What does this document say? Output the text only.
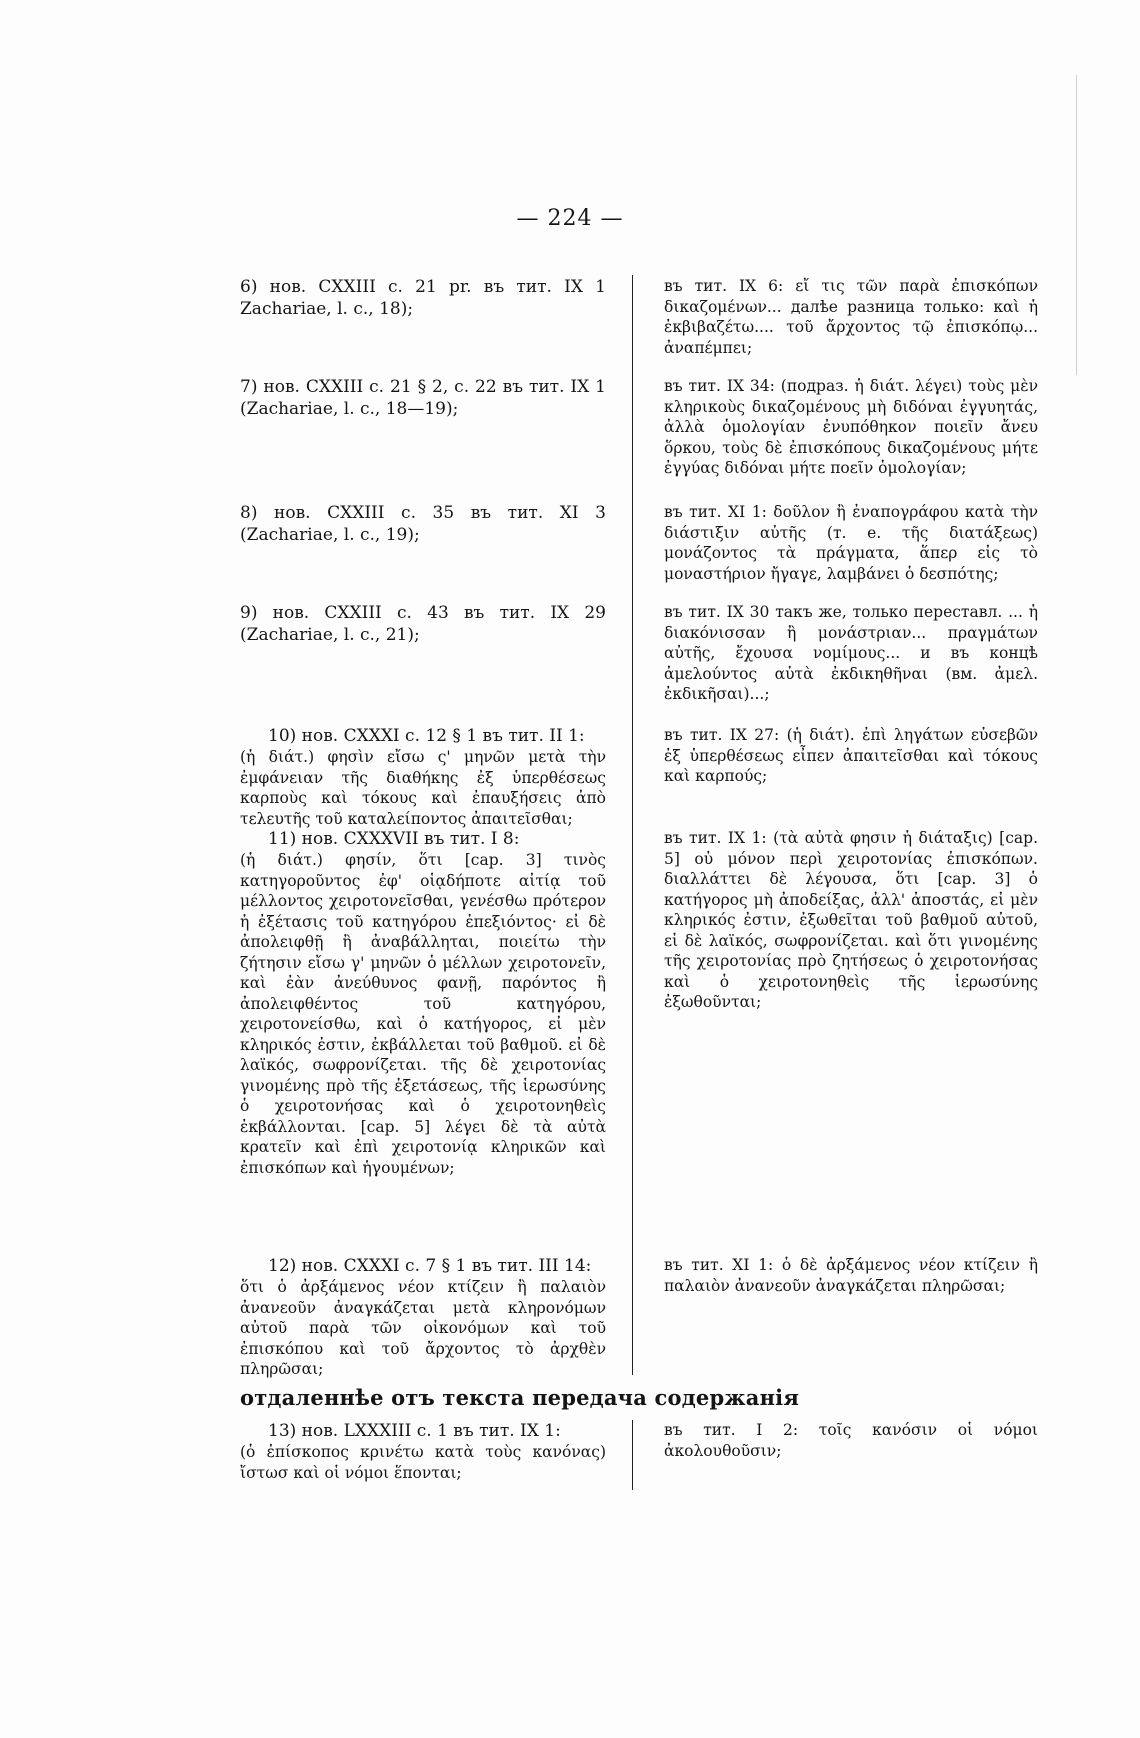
— 224 —

6) нов. CXXIII c. 21 pr. въ тит. IX 1 Zachariae, l. c., 18);

7) нов. CXXIII c. 21 § 2, c. 22 въ тит. IX 1 (Zachariae, l. c., 18—19);

8) нов. CXXIII c. 35 въ тит. XI 3 (Zachariae, l. c., 19);

9) нов. CXXIII c. 43 въ тит. IX 29 (Zachariae, l. c., 21);

10) нов. CXXXI c. 12 § 1 въ тит. II 1:

(ἡ διάτ.) φησὶν εἴσω ς' μηνῶν μετὰ τὴν ἐμφάνειαν τῆς διαθήκης ἐξ ὑπερθέσεως καρποὺς καὶ τόκους καὶ ἐπαυξήσεις ἀπὸ τελευτῆς τοῦ καταλείποντος ἀπαιτεῖσθαι;

11) нов. CXXXVII въ тит. I 8:

(ἡ διάτ.) φησίν, ὅτι [cap. 3] τινὸς κατηγοροῦντος ἐφ' οἱᾳδήποτε αἰτίᾳ τοῦ μέλλοντος χειροτονεῖσθαι, γενέσθω πρότερον ἡ ἐξέτασις τοῦ κατηγόρου ἐπεξιόντος· εἰ δὲ ἀπολειφθῇ ἢ ἀναβάλληται, ποιείτω τὴν ζήτησιν εἴσω γ' μηνῶν ὁ μέλλων χειροτονεῖν, καὶ ἐὰν ἀνεύθυνος φανῇ, παρόντος ἢ ἀπολειφθέντος τοῦ κατηγόρου, χειροτονείσθω, καὶ ὁ κατήγορος, εἰ μὲν κληρικός ἐστιν, ἐκβάλλεται τοῦ βαθμοῦ. εἰ δὲ λαϊκός, σωφρονίζεται. τῆς δὲ χειροτονίας γινομένης πρὸ τῆς ἐξετάσεως, τῆς ἱερωσύνης ὁ χειροτονήσας καὶ ὁ χειροτονηθεὶς ἐκβάλλονται. [cap. 5] λέγει δὲ τὰ αὐτὰ κρατεῖν καὶ ἐπὶ χειροτονίᾳ κληρικῶν καὶ ἐπισκόπων καὶ ἡγουμένων;

12) нов. CXXXI c. 7 § 1 въ тит. III 14:

ὅτι ὁ ἀρξάμενος νέον κτίζειν ἢ παλαιὸν ἀνανεοῦν ἀναγκάζεται μετὰ κληρονόμων αὐτοῦ παρὰ τῶν οἰκονόμων καὶ τοῦ ἐπισκόπου καὶ τοῦ ἄρχοντος τὸ ἀρχθὲν πληρῶσαι;

въ тит. IX 6: εἴ τις τῶν παρὰ ἐπισκόπων δικαζομένων... далѣе разница только: καὶ ἡ ἐκβιβαζέτω.... τοῦ ἄρχοντος τῷ ἐπισκόπῳ... ἀναπέμπει;
въ тит. IX 34: (подраз. ἡ διάτ. λέγει) τοὺς μὲν κληρικοὺς δικαζομένους μὴ διδόναι ἐγγυητάς, ἀλλὰ ὁμολογίαν ἐνυπόθηκον ποιεῖν ἄνευ ὅρκου, τοὺς δὲ ἐπισκόπους δικαζομένους μήτε ἐγγύας διδόναι μήτε ποεῖν ὁμολογίαν;
въ тит. XI 1: δοῦλον ἢ ἐναπογράφου κατὰ τὴν διάστιξιν αὐτῆς (т. е. τῆς διατάξεως) μονάζοντος τὰ πράγματα, ἅπερ εἰς τὸ μοναστήριον ἤγαγε, λαμβάνει ὁ δεσπότης;
въ тит. IX 30 такъ же, только переставл. ... ἡ διακόνισσαν ἢ μονάστριαν... πραγμάτων αὐτῆς, ἔχουσα νομίμους... и въ концѣ ἀμελούντος αὐτὰ ἐκδικηθῆναι (вм. ἀμελ. ἐκδικῆσαι)...;
въ тит. IX 27: (ἡ διάτ). ἐπὶ ληγάτων εὐσεβῶν ἐξ ὑπερθέσεως εἶπεν ἀπαιτεῖσθαι καὶ τόκους καὶ καρπούς;
въ тит. IX 1: (τὰ αὐτὰ φησιν ἡ διάταξις) [cap. 5] οὐ μόνον περὶ χειροτονίας ἐπισκόπων. διαλλάττει δὲ λέγουσα, ὅτι [cap. 3] ὁ κατήγορος μὴ ἀποδείξας, ἀλλ' ἀποστάς, εἰ μὲν κληρικός ἐστιν, ἐξωθεῖται τοῦ βαθμοῦ αὐτοῦ, εἰ δὲ λαϊκός, σωφρονίζεται. καὶ ὅτι γινομένης τῆς χειροτονίας πρὸ ζητήσεως ὁ χειροτονήσας καὶ ὁ χειροτονηθεὶς τῆς ἱερωσύνης ἐξωθοῦνται;
въ тит. XI 1: ὁ δὲ ἀρξάμενος νέον κτίζειν ἢ παλαιὸν ἀνανεοῦν ἀναγκάζεται πληρῶσαι;
отдаленнѣе отъ текста передача содержанія

13) нов. LXXXIII c. 1 въ тит. IX 1:

(ὁ ἐπίσκοπος κρινέτω κατὰ τοὺς κανόνας) ἴστωσ καὶ οἱ νόμοι ἕπονται;

въ тит. I 2: τοῖς κανόσιν οἱ νόμοι ἀκολουθοῦσιν;
